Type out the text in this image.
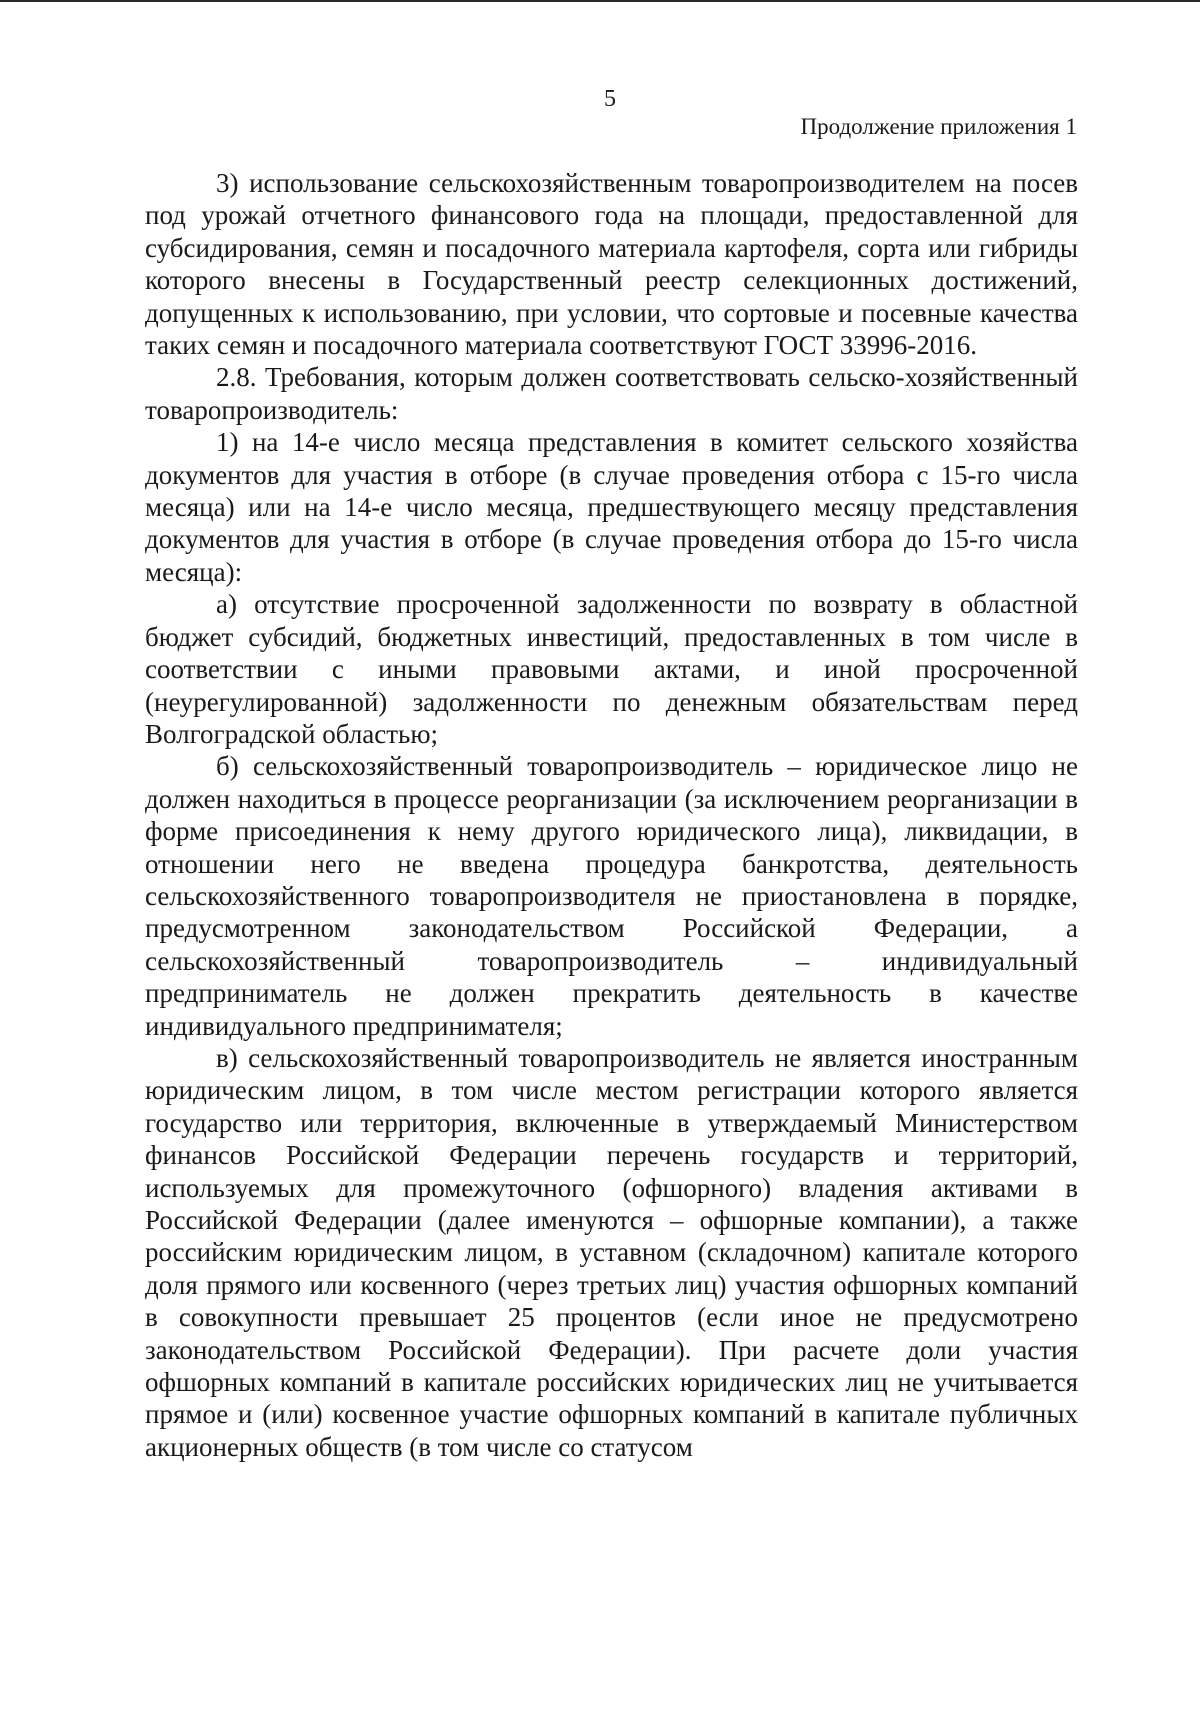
5
Продолжение приложения 1

3) использование сельскохозяйственным товаропроизводителем на посев под урожай отчетного финансового года на площади, предоставленной для субсидирования, семян и посадочного материала картофеля, сорта или гибриды которого внесены в Государственный реестр селекционных достижений, допущенных к использованию, при условии, что сортовые и посевные качества таких семян и посадочного материала соответствуют ГОСТ 33996-2016.

2.8. Требования, которым должен соответствовать сельско-хозяйственный товаропроизводитель:

1) на 14-е число месяца представления в комитет сельского хозяйства документов для участия в отборе (в случае проведения отбора с 15-го числа месяца) или на 14-е число месяца, предшествующего месяцу представления документов для участия в отборе (в случае проведения отбора до 15-го числа месяца):

а) отсутствие просроченной задолженности по возврату в областной бюджет субсидий, бюджетных инвестиций, предоставленных в том числе в соответствии с иными правовыми актами, и иной просроченной (неурегулированной) задолженности по денежным обязательствам перед Волгоградской областью;

б) сельскохозяйственный товаропроизводитель – юридическое лицо не должен находиться в процессе реорганизации (за исключением реорганизации в форме присоединения к нему другого юридического лица), ликвидации, в отношении него не введена процедура банкротства, деятельность сельскохозяйственного товаропроизводителя не приостановлена в порядке, предусмотренном законодательством Российской Федерации, а сельскохозяйственный товаропроизводитель – индивидуальный предприниматель не должен прекратить деятельность в качестве индивидуального предпринимателя;

в) сельскохозяйственный товаропроизводитель не является иностранным юридическим лицом, в том числе местом регистрации которого является государство или территория, включенные в утверждаемый Министерством финансов Российской Федерации перечень государств и территорий, используемых для промежуточного (офшорного) владения активами в Российской Федерации (далее именуются – офшорные компании), а также российским юридическим лицом, в уставном (складочном) капитале которого доля прямого или косвенного (через третьих лиц) участия офшорных компаний в совокупности превышает 25 процентов (если иное не предусмотрено законодательством Российской Федерации). При расчете доли участия офшорных компаний в капитале российских юридических лиц не учитывается прямое и (или) косвенное участие офшорных компаний в капитале публичных акционерных обществ (в том числе со статусом
